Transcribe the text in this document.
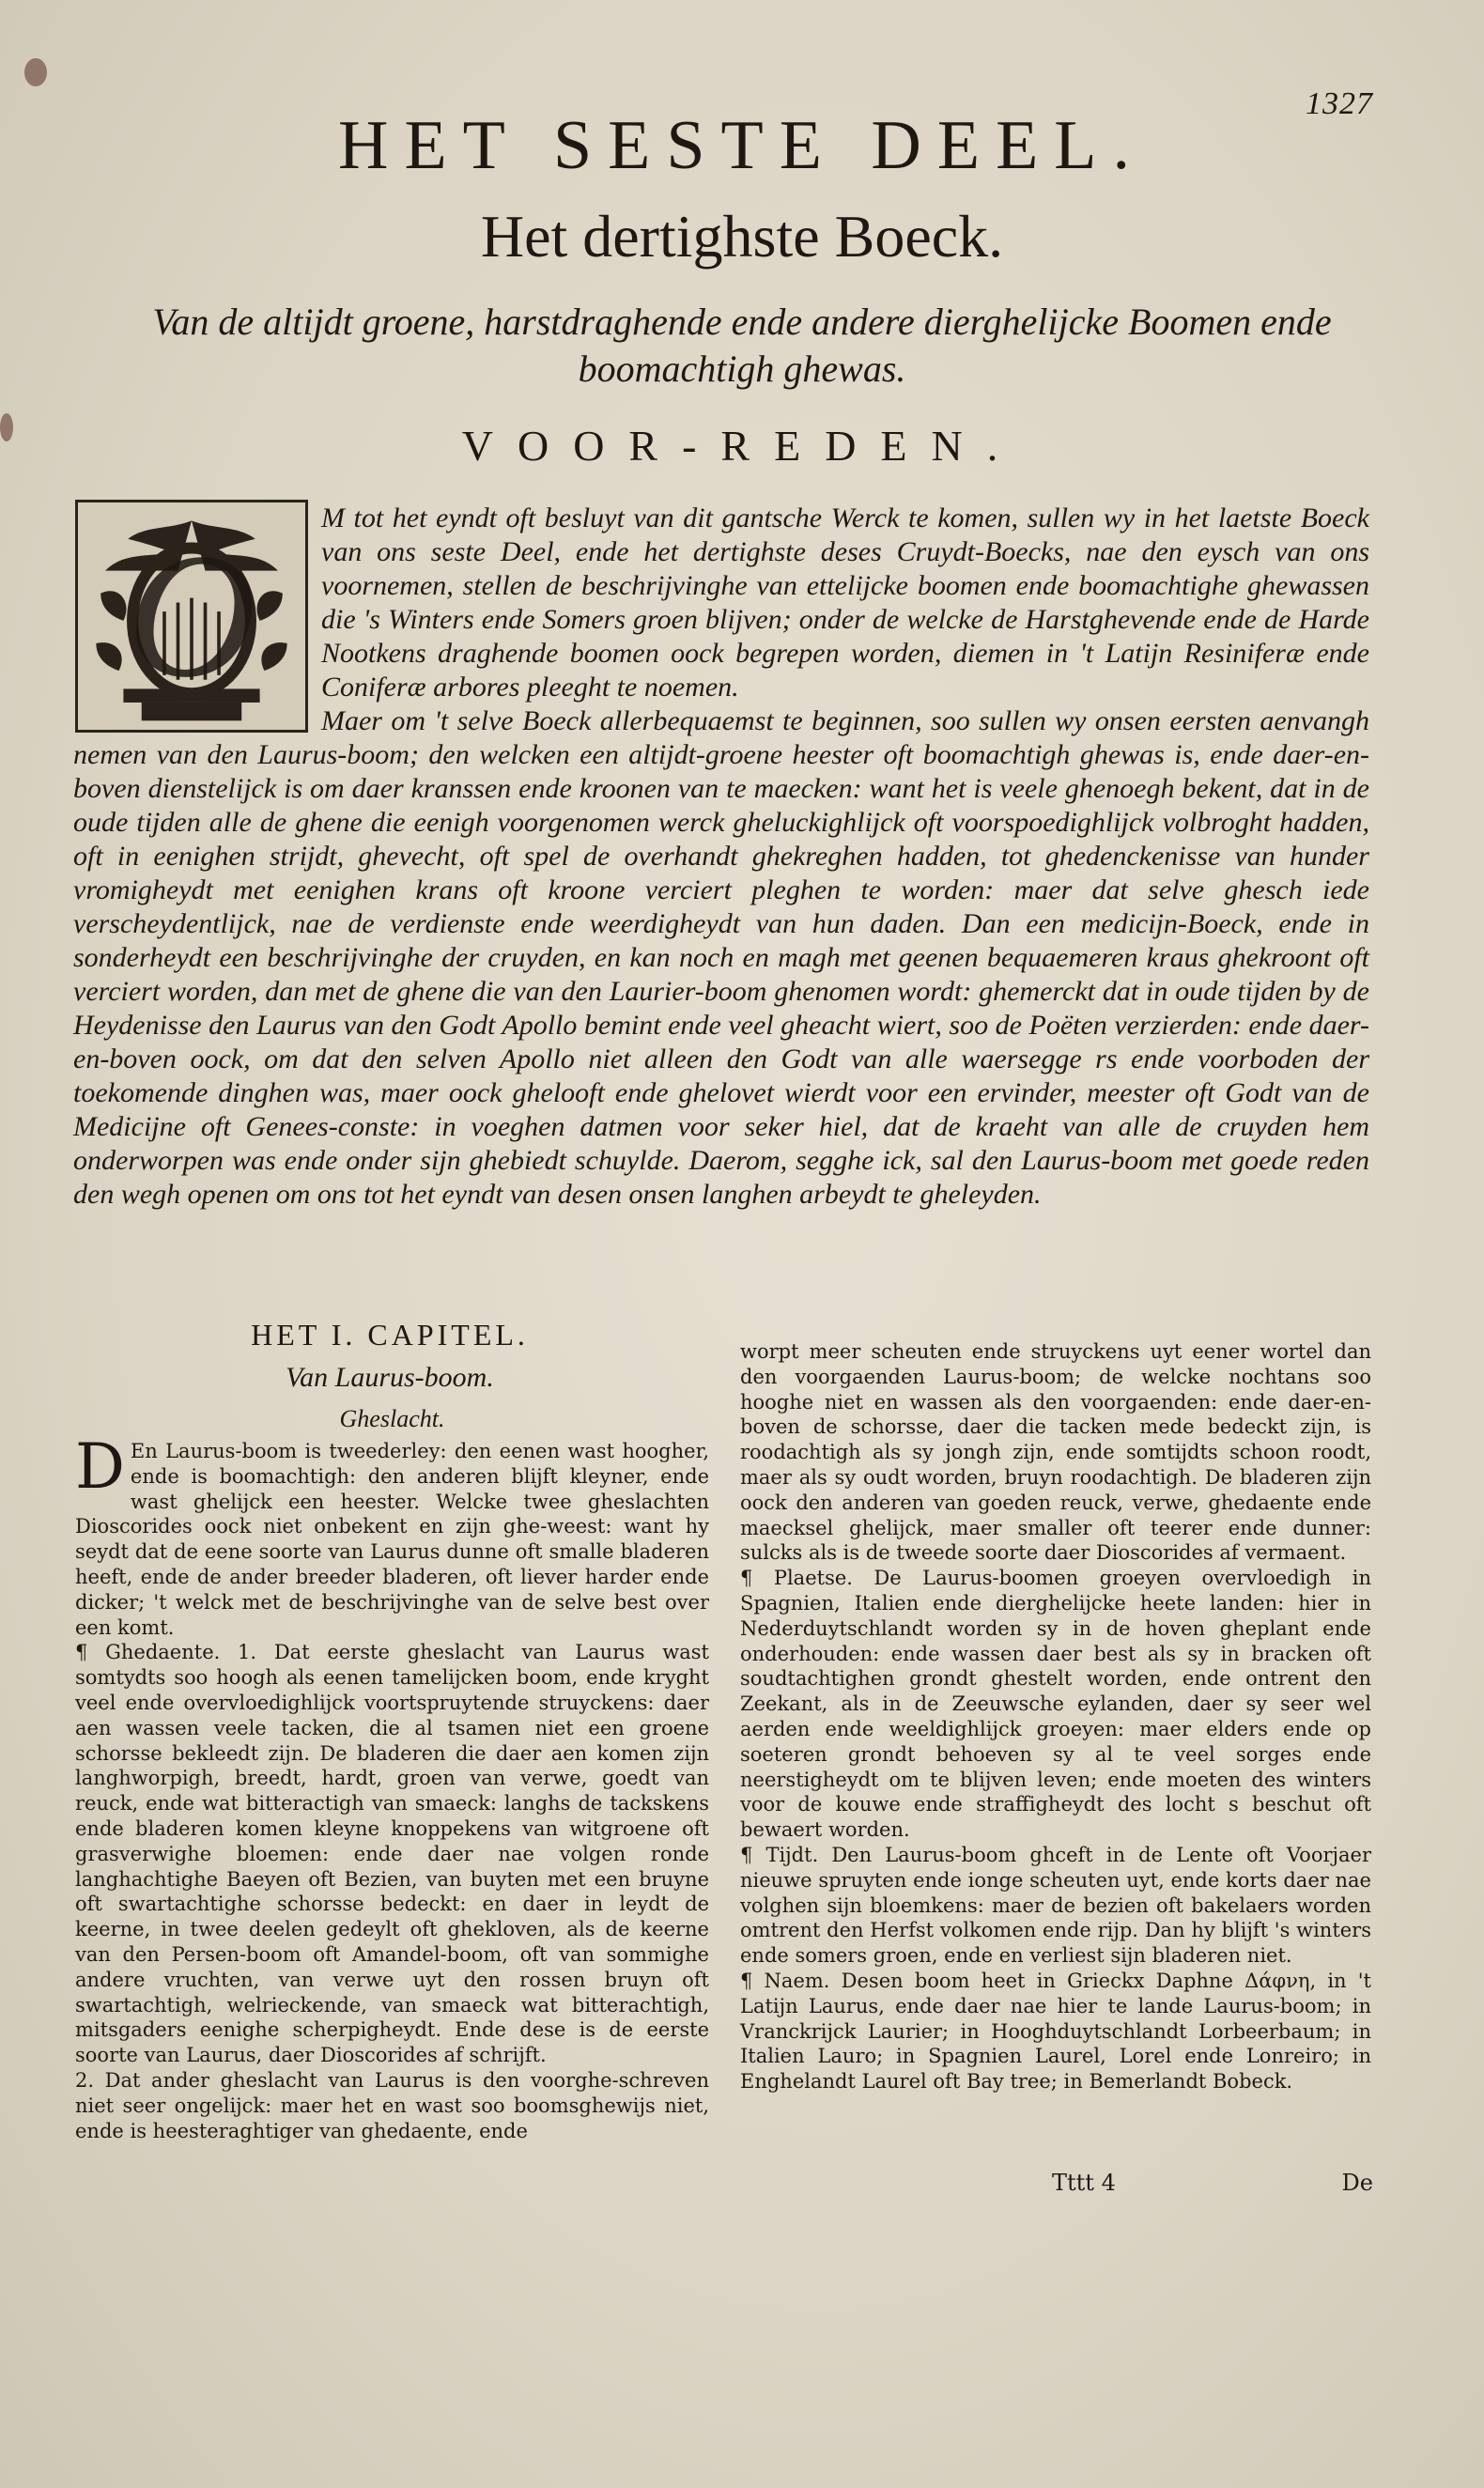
1327
HET SESTE DEEL.
Het dertighste Boeck.
Van de altijdt groene, harstdraghende ende andere dierghelijcke Boomen ende boomachtigh ghewas.
VOOR-REDEN.
O	M tot het eyndt oft besluyt van dit gantsche Werck te komen, sullen wy in het laetste Boeck van ons seste Deel, ende het dertighste deses Cruydt-Boecks, nae den eysch van ons voornemen, stellen de beschrijvinghe van ettelijcke boomen ende boomachtighe ghewassen die 's Winters ende Somers groen blijven; onder de welcke de Harstghevende ende de Harde Nootkens draghende boomen oock begrepen worden, diemen in 't Latijn Resiniferæ ende Coniferæ arbores pleeght te noemen.

Maer om 't selve Boeck allerbequaemst te beginnen, soo sullen wy onsen eersten aenvangh nemen van den Laurus-boom; den welcken een altijdt-groene heester oft boomachtigh ghewas is, ende daer-en-boven dienstelijck is om daer kranssen ende kroonen van te maecken: want het is veele ghenoegh bekent, dat in de oude tijden alle de ghene die eenigh voorgenomen werck gheluckighlijck oft voorspoedighlijck volbroght hadden, oft in eenighen strijdt, ghevecht, oft spel de overhandt ghekreghen hadden, tot ghedenckenisse van hunder vromigheydt met eenighen krans oft kroone verciert pleghen te worden: maer dat selve ghesch iede verscheydentlijck, nae de verdienste ende weerdigheydt van hun daden. Dan een medicijn-Boeck, ende in sonderheydt een beschrijvinghe der cruyden, en kan noch en magh met geenen bequaemeren kraus ghekroont oft verciert worden, dan met de ghene die van den Laurier-boom ghenomen wordt: ghemerckt dat in oude tijden by de Heydenisse den Laurus van den Godt Apollo bemint ende veel gheacht wiert, soo de Poëten verzierden: ende daer-en-boven oock, om dat den selven Apollo niet alleen den Godt van alle waersegge rs ende voorboden der toekomende dinghen was, maer oock ghelooft ende ghelovet wierdt voor een ervinder, meester oft Godt van de Medicijne oft Genees-conste: in voeghen datmen voor seker hiel, dat de kraeht van alle de cruyden hem onderworpen was ende onder sijn ghebiedt schuylde. Daerom, segghe ick, sal den Laurus-boom met goede reden den wegh openen om ons tot het eyndt van desen onsen langhen arbeydt te gheleyden.

HET I. CAPITEL.
Van Laurus-boom.
Gheslacht.
D En Laurus-boom is tweederley: den eenen wast hoogher, ende is boomachtigh: den anderen blijft kleyner, ende wast ghelijck een heester. Welcke twee gheslachten Dioscorides oock niet onbekent en zijn ghe-weest: want hy seydt dat de eene soorte van Laurus dunne oft smalle bladeren heeft, ende de ander breeder bladeren, oft liever harder ende dicker; 't welck met de beschrijvinghe van de selve best over een komt.

¶ Ghedaente. 1. Dat eerste gheslacht van Laurus wast somtydts soo hoogh als eenen tamelijcken boom, ende kryght veel ende overvloedighlijck voortspruytende struyckens: daer aen wassen veele tacken, die al tsamen niet een groene schorsse bekleedt zijn. De bladeren die daer aen komen zijn langhworpigh, breedt, hardt, groen van verwe, goedt van reuck, ende wat bitteractigh van smaeck: langhs de tackskens ende bladeren komen kleyne knoppekens van witgroene oft grasverwighe bloemen: ende daer nae volgen ronde langhachtighe Baeyen oft Bezien, van buyten met een bruyne oft swartachtighe schorsse bedeckt: en daer in leydt de keerne, in twee deelen gedeylt oft ghekloven, als de keerne van den Persen-boom oft Amandel-boom, oft van sommighe andere vruchten, van verwe uyt den rossen bruyn oft swartachtigh, welrieckende, van smaeck wat bitterachtigh, mitsgaders eenighe scherpigheydt. Ende dese is de eerste soorte van Laurus, daer Dioscorides af schrijft.

2. Dat ander gheslacht van Laurus is den voorghe-schreven niet seer ongelijck: maer het en wast soo boomsghewijs niet, ende is heesteraghtiger van ghedaente, ende

worpt meer scheuten ende struyckens uyt eener wortel dan den voorgaenden Laurus-boom; de welcke nochtans soo hooghe niet en wassen als den voorgaenden: ende daer-en-boven de schorsse, daer die tacken mede bedeckt zijn, is roodachtigh als sy jongh zijn, ende somtijdts schoon roodt, maer als sy oudt worden, bruyn roodachtigh. De bladeren zijn oock den anderen van goeden reuck, verwe, ghedaente ende maecksel ghelijck, maer smaller oft teerer ende dunner: sulcks als is de tweede soorte daer Dioscorides af vermaent.

¶ Plaetse. De Laurus-boomen groeyen overvloedigh in Spagnien, Italien ende dierghelijcke heete landen: hier in Nederduytschlandt worden sy in de hoven gheplant ende onderhouden: ende wassen daer best als sy in bracken oft soudtachtighen grondt ghestelt worden, ende ontrent den Zeekant, als in de Zeeuwsche eylanden, daer sy seer wel aerden ende weeldighlijck groeyen: maer elders ende op soeteren grondt behoeven sy al te veel sorges ende neerstigheydt om te blijven leven; ende moeten des winters voor de kouwe ende straffigheydt des locht s beschut oft bewaert worden.

¶ Tijdt. Den Laurus-boom ghceft in de Lente oft Voorjaer nieuwe spruyten ende ionge scheuten uyt, ende korts daer nae volghen sijn bloemkens: maer de bezien oft bakelaers worden omtrent den Herfst volkomen ende rijp. Dan hy blijft 's winters ende somers groen, ende en verliest sijn bladeren niet.

¶ Naem. Desen boom heet in Grieckx Daphne Δάφνη, in 't Latijn Laurus, ende daer nae hier te lande Laurus-boom; in Vranckrijck Laurier; in Hooghduytschlandt Lorbeerbaum; in Italien Lauro; in Spagnien Laurel, Lorel ende Lonreiro; in Enghelandt Laurel oft Bay tree; in Bemerlandt Bobeck.

Tttt 4	De
